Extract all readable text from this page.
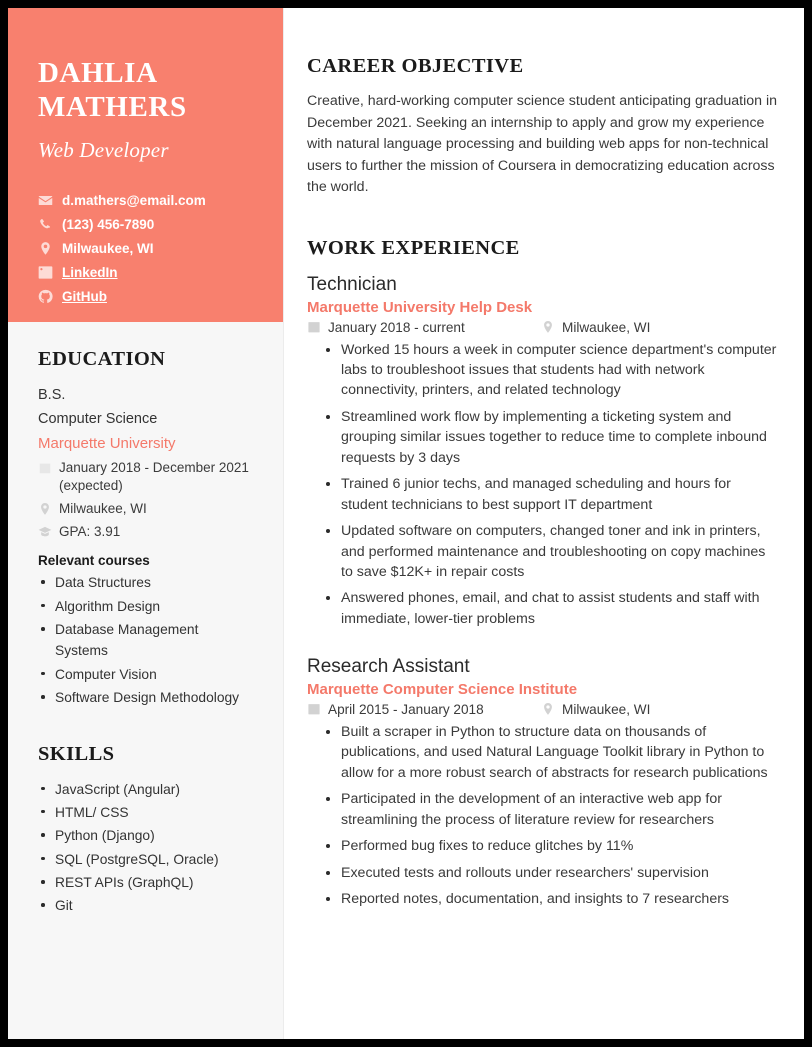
DAHLIA
MATHERS
Web Developer
d.mathers@email.com
(123) 456-7890
Milwaukee, WI
LinkedIn
GitHub
EDUCATION
B.S.
Computer Science
Marquette University
January 2018 - December 2021 (expected)
Milwaukee, WI
GPA: 3.91
Relevant courses
Data Structures
Algorithm Design
Database Management Systems
Computer Vision
Software Design Methodology
SKILLS
JavaScript (Angular)
HTML/ CSS
Python (Django)
SQL (PostgreSQL, Oracle)
REST APIs (GraphQL)
Git
CAREER OBJECTIVE

Creative, hard-working computer science student anticipating graduation in December 2021. Seeking an internship to apply and grow my experience with natural language processing and building web apps for non-technical users to further the mission of Coursera in democratizing education across the world.

WORK EXPERIENCE
Technician
Marquette University Help Desk
January 2018 - current	Milwaukee, WI
Worked 15 hours a week in computer science department's computer labs to troubleshoot issues that students had with network connectivity, printers, and related technology
Streamlined work flow by implementing a ticketing system and grouping similar issues together to reduce time to complete inbound requests by 3 days
Trained 6 junior techs, and managed scheduling and hours for student technicians to best support IT department
Updated software on computers, changed toner and ink in printers, and performed maintenance and troubleshooting on copy machines to save $12K+ in repair costs
Answered phones, email, and chat to assist students and staff with immediate, lower-tier problems
Research Assistant
Marquette Computer Science Institute
April 2015 - January 2018	Milwaukee, WI
Built a scraper in Python to structure data on thousands of publications, and used Natural Language Toolkit library in Python to allow for a more robust search of abstracts for research publications
Participated in the development of an interactive web app for streamlining the process of literature review for researchers
Performed bug fixes to reduce glitches by 11%
Executed tests and rollouts under researchers' supervision
Reported notes, documentation, and insights to 7 researchers
